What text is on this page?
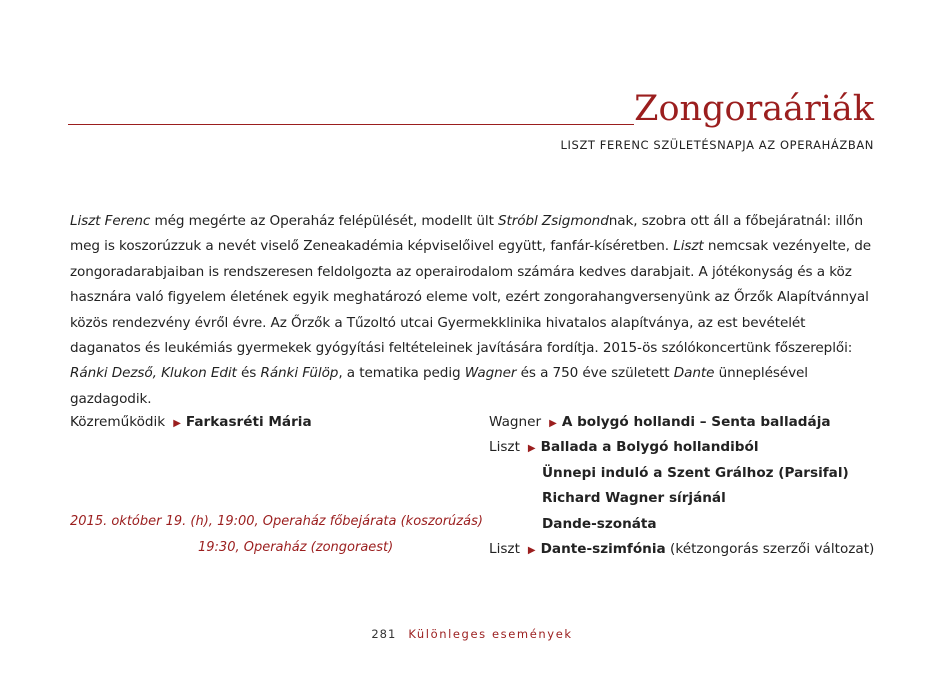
Zongoraáriák
LISZT FERENC SZÜLETÉSNAPJA AZ OPERAHÁZBAN

Liszt Ferenc még megérte az Operaház felépülését, modellt ült Stróbl Zsigmondnak, szobra ott áll a főbejáratnál: illőn meg is koszorúzzuk a nevét viselő Zeneakadémia képviselőivel együtt, fanfár-kíséretben. Liszt nemcsak vezényelte, de zongoradarabjaiban is rendszeresen feldolgozta az operairodalom számára kedves darabjait. A jótékonyság és a köz hasznára való figyelem életének egyik meghatározó eleme volt, ezért zongorahangversenyünk az Őrzők Alapítvánnyal közös rendezvény évről évre. Az Őrzők a Tűzoltó utcai Gyermekklinika hivatalos alapítványa, az est bevételét daganatos és leukémiás gyermekek gyógyítási feltételeinek javítására fordítja. 2015-ös szólókoncertünk főszereplői: Ránki Dezső, Klukon Edit és Ránki Fülöp, a tematika pedig Wagner és a 750 éve született Dante ünneplésével gazdagodik.

Közreműködik ▶ Farkasréti Mária
2015. október 19. (h), 19:00, Operaház főbejárata (koszorúzás)
19:30, Operaház (zongoraest)
Wagner ▶ A bolygó hollandi – Senta balladája
Liszt ▶ Ballada a Bolygó hollandiból
Ünnepi induló a Szent Grálhoz (Parsifal)
Richard Wagner sírjánál
Dande-szonáta
Liszt ▶ Dante-szimfónia (kétzongorás szerzői változat)
281 Különleges események
